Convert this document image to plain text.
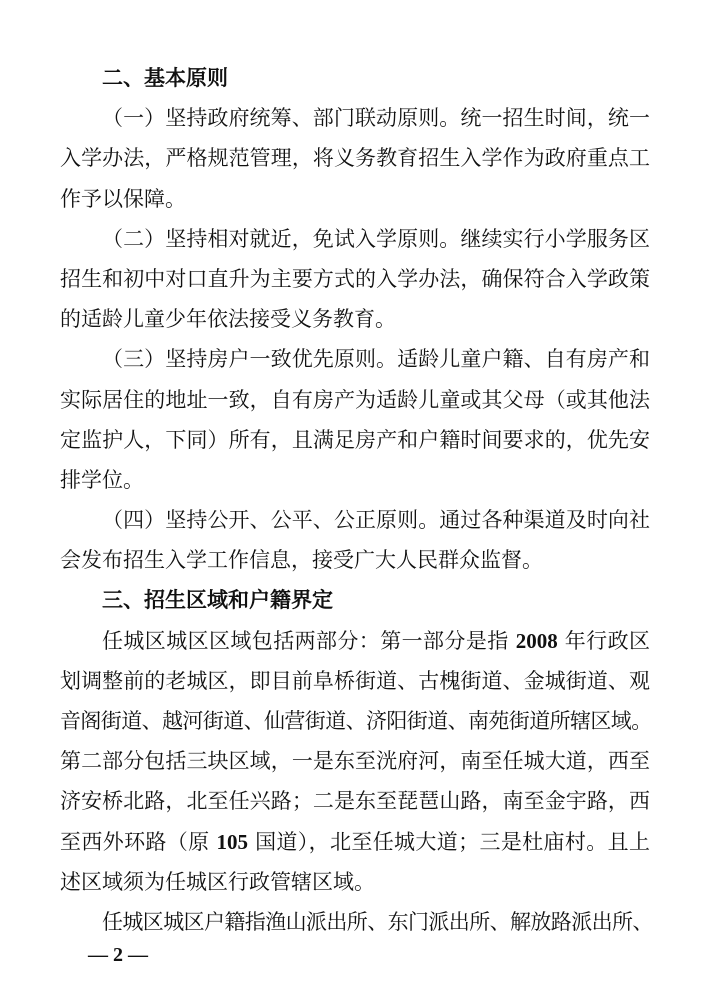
二、基本原则
（一）坚持政府统筹、部门联动原则。统一招生时间，统一
入学办法，严格规范管理，将义务教育招生入学作为政府重点工
作予以保障。
（二）坚持相对就近，免试入学原则。继续实行小学服务区
招生和初中对口直升为主要方式的入学办法，确保符合入学政策
的适龄儿童少年依法接受义务教育。
（三）坚持房户一致优先原则。适龄儿童户籍、自有房产和
实际居住的地址一致，自有房产为适龄儿童或其父母（或其他法
定监护人，下同）所有，且满足房产和户籍时间要求的，优先安
排学位。
（四）坚持公开、公平、公正原则。通过各种渠道及时向社
会发布招生入学工作信息，接受广大人民群众监督。
三、招生区域和户籍界定
任城区城区区域包括两部分：第一部分是指 2008 年行政区
划调整前的老城区，即目前阜桥街道、古槐街道、金城街道、观
音阁街道、越河街道、仙营街道、济阳街道、南苑街道所辖区域。
第二部分包括三块区域，一是东至洸府河，南至任城大道，西至
济安桥北路，北至任兴路；二是东至琵琶山路，南至金宇路，西
至西外环路（原 105 国道），北至任城大道；三是杜庙村。且上
述区域须为任城区行政管辖区域。
任城区城区户籍指渔山派出所、东门派出所、解放路派出所、
— 2 —
